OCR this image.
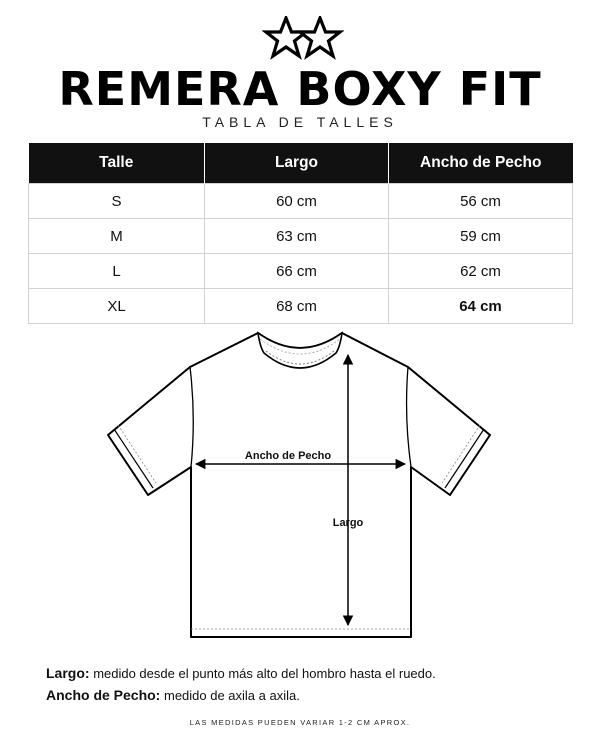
REMERA BOXY FIT
TABLA DE TALLES
Talle	Largo	Ancho de Pecho
S	60 cm	56 cm
M	63 cm	59 cm
L	66 cm	62 cm
XL	68 cm	64 cm
Ancho de Pecho
Largo
Largo: medido desde el punto más alto del hombro hasta el ruedo.
Ancho de Pecho: medido de axila a axila.
LAS MEDIDAS PUEDEN VARIAR 1-2 CM APROX.
